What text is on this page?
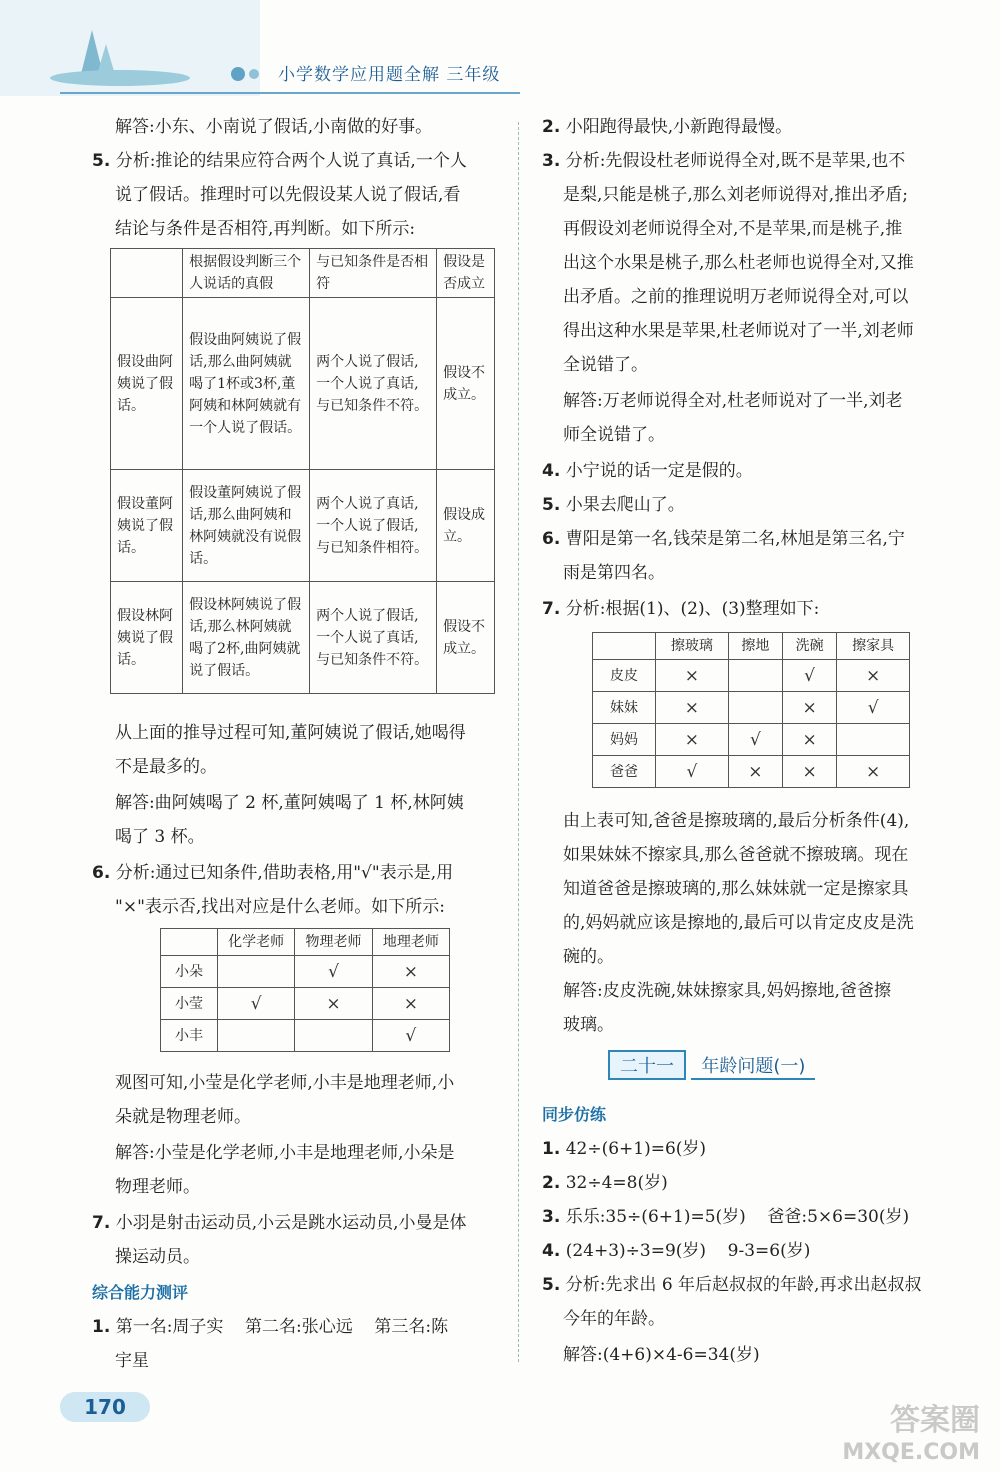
小学数学应用题全解 三年级
解答:小东、小南说了假话,小南做的好事。
5. 分析:推论的结果应符合两个人说了真话,一个人
说了假话。推理时可以先假设某人说了假话,看
结论与条件是否相符,再判断。如下所示:
	根据假设判断三个人说话的真假	与已知条件是否相符	假设是否成立
假设曲阿姨说了假话。	假设曲阿姨说了假话,那么曲阿姨就喝了1杯或3杯,董阿姨和林阿姨就有一个人说了假话。	两个人说了假话,一个人说了真话,与已知条件不符。	假设不成立。
假设董阿姨说了假话。	假设董阿姨说了假话,那么曲阿姨和林阿姨就没有说假话。	两个人说了真话,一个人说了假话,与已知条件相符。	假设成立。
假设林阿姨说了假话。	假设林阿姨说了假话,那么林阿姨就喝了2杯,曲阿姨就说了假话。	两个人说了假话,一个人说了真话,与已知条件不符。	假设不成立。
从上面的推导过程可知,董阿姨说了假话,她喝得
不是最多的。
解答:曲阿姨喝了 2 杯,董阿姨喝了 1 杯,林阿姨
喝了 3 杯。
6. 分析:通过已知条件,借助表格,用"√"表示是,用
"×"表示否,找出对应是什么老师。如下所示:
	化学老师	物理老师	地理老师
小朵		√	×
小莹	√	×	×
小丰			√
观图可知,小莹是化学老师,小丰是地理老师,小
朵就是物理老师。
解答:小莹是化学老师,小丰是地理老师,小朵是
物理老师。
7. 小羽是射击运动员,小云是跳水运动员,小曼是体
操运动员。
综合能力测评
1. 第一名:周子实    第二名:张心远    第三名:陈
宇星
2. 小阳跑得最快,小新跑得最慢。
3. 分析:先假设杜老师说得全对,既不是苹果,也不
是梨,只能是桃子,那么刘老师说得对,推出矛盾;
再假设刘老师说得全对,不是苹果,而是桃子,推
出这个水果是桃子,那么杜老师也说得全对,又推
出矛盾。之前的推理说明万老师说得全对,可以
得出这种水果是苹果,杜老师说对了一半,刘老师
全说错了。
解答:万老师说得全对,杜老师说对了一半,刘老
师全说错了。
4. 小宁说的话一定是假的。
5. 小果去爬山了。
6. 曹阳是第一名,钱荣是第二名,林旭是第三名,宁
雨是第四名。
7. 分析:根据(1)、(2)、(3)整理如下:
	擦玻璃	擦地	洗碗	擦家具
皮皮	×		√	×
妹妹	×		×	√
妈妈	×	√	×	
爸爸	√	×	×	×
由上表可知,爸爸是擦玻璃的,最后分析条件(4),
如果妹妹不擦家具,那么爸爸就不擦玻璃。现在
知道爸爸是擦玻璃的,那么妹妹就一定是擦家具
的,妈妈就应该是擦地的,最后可以肯定皮皮是洗
碗的。
解答:皮皮洗碗,妹妹擦家具,妈妈擦地,爸爸擦
玻璃。
二十一 年龄问题(一)
同步仿练
1. 42÷(6+1)=6(岁)
2. 32÷4=8(岁)
3. 乐乐:35÷(6+1)=5(岁)    爸爸:5×6=30(岁)
4. (24+3)÷3=9(岁)    9-3=6(岁)
5. 分析:先求出 6 年后赵叔叔的年龄,再求出赵叔叔
今年的年龄。
解答:(4+6)×4-6=34(岁)
170	答案圈
MXQE.COM
